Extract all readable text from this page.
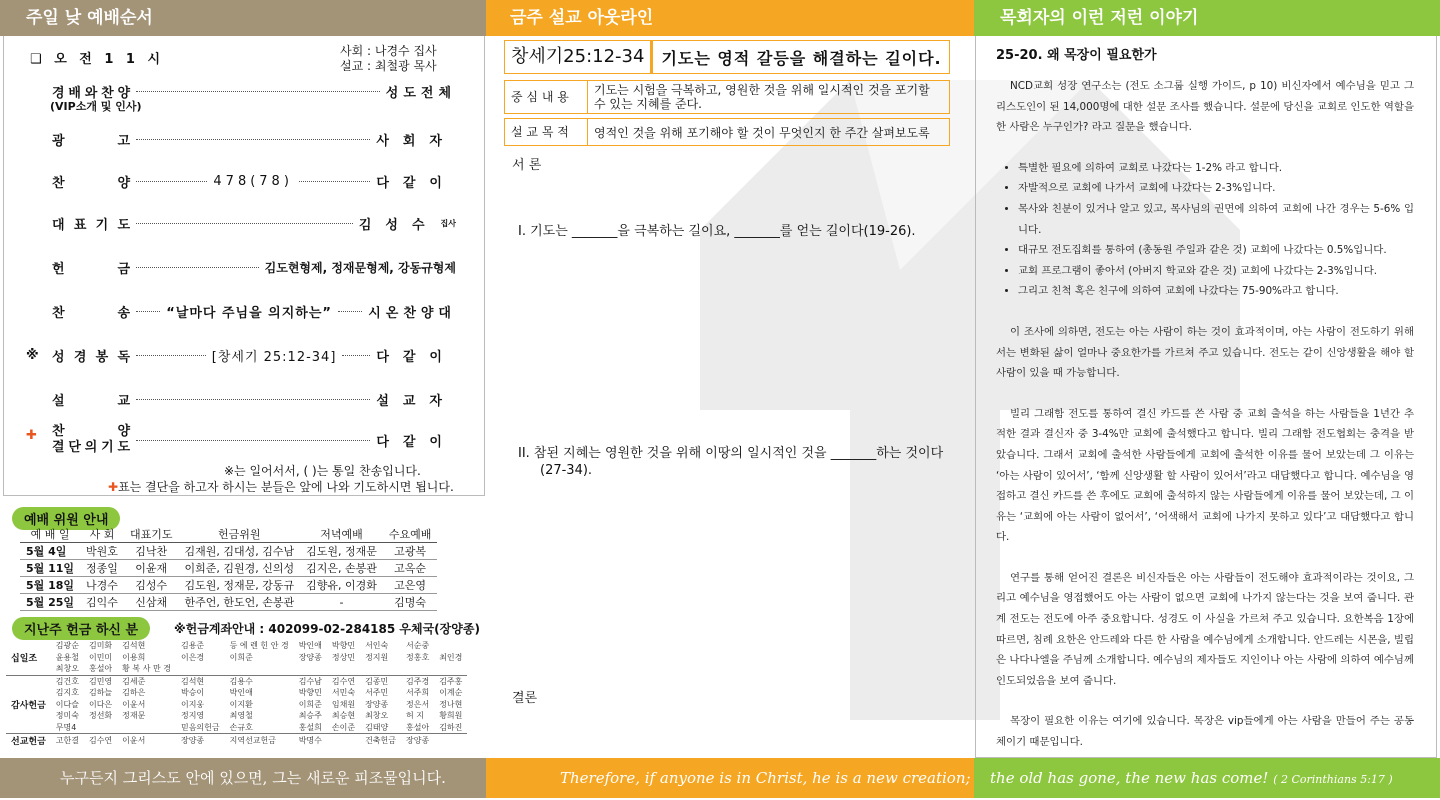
주일 낮 예배순서	금주 설교 아웃라인	목회자의 이런 저런 이야기
❑ 오 전 1 1 시
사회 : 나경수 집사
설교 : 최철광 목사
경 배 와 찬 양	성도전체
(VIP소개 및 인사)
광	고	사회자
찬	양	478(78)	다같이
대 표 기 도	김성수 집사
헌	금	김도현형제, 정재문형제, 강동규형제
찬	송	“날마다 주님을 의지하는”	시온찬양대
※ 성 경 봉 독	[창세기 25:12-34]	다같이
설	교	설교자
✚ 찬	양
결 단 의 기 도	다같이
※는 일어서서, ( )는 통일 찬송입니다.
✚표는 결단을 하고자 하시는 분들은 앞에 나와 기도하시면 됩니다.
예배 위원 안내
예 배 일	사 회	대표기도	헌금위원	저녁예배	수요예배
5월 4일	박원호	김낙찬	김재원, 김대성, 김수남	김도원, 정재문	고광복
5월 11일	정종일	이윤재	이희준, 김원경, 신의성	김지은, 손봉관	고옥순
5월 18일	나경수	김성수	김도원, 정재문, 강동규	김향유, 이경화	고은영
5월 25일	김익수	신삼채	한주언, 한도언, 손봉관	-	김명숙
지난주 헌금 하신 분	※헌금계좌안내 : 402099-02-284185 우체국(장양종)
십일조	김광순	김미화	김석현	김용준	등 에 렌 힌 안 경	박인애	박향민	서인숙	서순중	
	윤용철	이민미	이용희	이은경	이희준	장양종	정상민	정지원	정홍호	최인경
	최창오	홍설아	황 복 사 만 경							
감사헌금	김건호	김민영	김세준	김석현	김용수	김수남	김수연	김종민	김주경	김주홍
	김지호	김하늘	김하은	박승이	박인애	박향민	서민숙	서주민	서주희	이계순
	이다슬	이다은	이윤서	이지웅	이지환	이희준	임채원	장양종	정은서	정나현
	정미숙	정선화	정재문	정지영	최영철	최승주	최승현	최창오	허 지	황희원
	무명4			믿음의헌금	손규호	홍설희	손이준	김태양	홍설아	김하진
선교헌금	고한결	김수연	이윤서	장양종	지역선교헌금	박명수		건축헌금	장양종	
창세기25:12-34	기도는 영적 갈등을 해결하는 길이다.
중 심 내 용	기도는 시험을 극복하고, 영원한 것을 위해 일시적인 것을 포기할 수 있는 지혜를 준다.
설 교 목 적	영적인 것을 위해 포기해야 할 것이 무엇인지 한 주간 살펴보도록
서 론
I. 기도는 _______을 극복하는 길이요, _______를 얻는 길이다(19-26).
II. 참된 지혜는 영원한 것을 위해 이땅의 일시적인 것을 _______하는 것이다
(27-34).
결론
25-20. 왜 목장이 필요한가

NCD교회 성장 연구소는 (전도 소그룹 실행 가이드, p 10) 비신자에서 예수님을 믿고 그리스도인이 된 14,000명에 대한 설문 조사를 했습니다. 설문에 당신을 교회로 인도한 역할을 한 사람은 누구인가? 라고 질문을 했습니다.

• 특별한 필요에 의하여 교회로 나갔다는 1-2% 라고 합니다.
• 자발적으로 교회에 나가서 교회에 나갔다는 2-3%입니다.
• 목사와 친분이 있거나 알고 있고, 목사님의 권면에 의하여 교회에 나간 경우는 5-6% 입니다.
• 대규모 전도집회를 통하여 (총동원 주일과 같은 것) 교회에 나갔다는 0.5%입니다.
• 교회 프로그램이 좋아서 (아버지 학교와 같은 것) 교회에 나갔다는 2-3%입니다.
• 그리고 친척 혹은 친구에 의하여 교회에 나갔다는 75-90%라고 합니다.

이 조사에 의하면, 전도는 아는 사람이 하는 것이 효과적이며, 아는 사람이 전도하기 위해서는 변화된 삶이 얼마나 중요한가를 가르쳐 주고 있습니다. 전도는 같이 신앙생활을 해야 할 사람이 있을 때 가능합니다.

빌리 그래함 전도를 통하여 결신 카드를 쓴 사람 중 교회 출석을 하는 사람들을 1년간 추적한 결과 결신자 중 3-4%만 교회에 출석했다고 합니다. 빌리 그래함 전도협회는 충격을 받았습니다. 그래서 교회에 출석한 사람들에게 교회에 출석한 이유를 물어 보았는데 그 이유는 ‘아는 사람이 있어서’, ‘함께 신앙생활 할 사람이 있어서’라고 대답했다고 합니다. 예수님을 영접하고 결신 카드를 쓴 후에도 교회에 출석하지 않는 사람들에게 이유를 물어 보았는데, 그 이유는 ‘교회에 아는 사람이 없어서’, ‘어색해서 교회에 나가지 못하고 있다’고 대답했다고 합니다.

연구를 통해 얻어진 결론은 비신자들은 아는 사람들이 전도해야 효과적이라는 것이요, 그리고 예수님을 영접했어도 아는 사람이 없으면 교회에 나가지 않는다는 것을 보여 줍니다. 관계 전도는 전도에 아주 중요합니다. 성경도 이 사실을 가르쳐 주고 있습니다. 요한복음 1장에 따르면, 침례 요한은 안드레와 다른 한 사람을 예수님에게 소개합니다. 안드레는 시몬을, 빌립은 나다나엘을 주님께 소개합니다. 예수님의 제자들도 지인이나 아는 사람에 의하여 예수님께 인도되었음을 보여 줍니다.

목장이 필요한 이유는 여기에 있습니다. 목장은 vip들에게 아는 사람을 만들어 주는 공동체이기 때문입니다.

누구든지 그리스도 안에 있으면, 그는 새로운 피조물입니다.	Therefore, if anyone is in Christ, he is a new creation;	the old has gone, the new has come! ( 2 Corinthians 5:17 )
